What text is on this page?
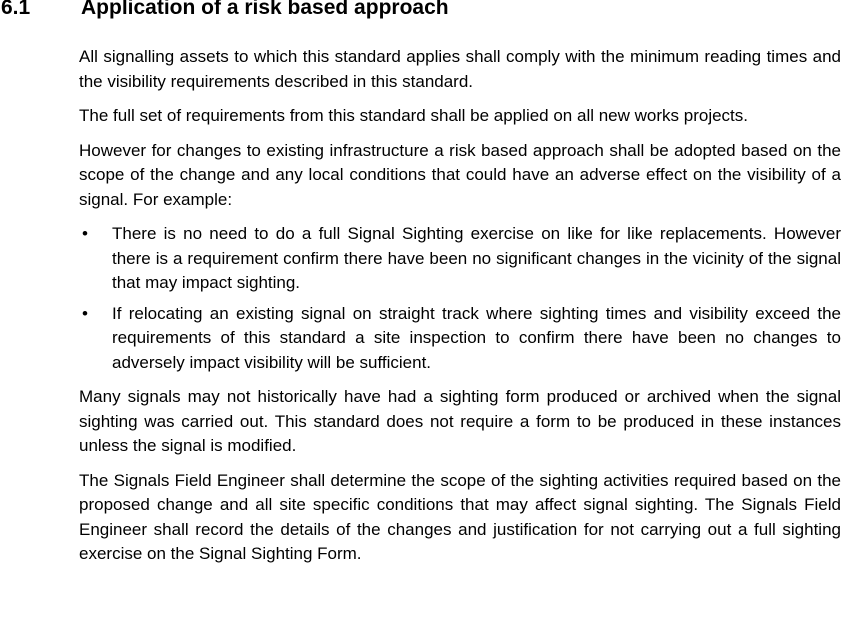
6.1 Application of a risk based approach

All signalling assets to which this standard applies shall comply with the minimum reading times and the visibility requirements described in this standard.

The full set of requirements from this standard shall be applied on all new works projects.

However for changes to existing infrastructure a risk based approach shall be adopted based on the scope of the change and any local conditions that could have an adverse effect on the visibility of a signal. For example:

• There is no need to do a full Signal Sighting exercise on like for like replacements. However there is a requirement confirm there have been no significant changes in the vicinity of the signal that may impact sighting.
• If relocating an existing signal on straight track where sighting times and visibility exceed the requirements of this standard a site inspection to confirm there have been no changes to adversely impact visibility will be sufficient.

Many signals may not historically have had a sighting form produced or archived when the signal sighting was carried out. This standard does not require a form to be produced in these instances unless the signal is modified.

The Signals Field Engineer shall determine the scope of the sighting activities required based on the proposed change and all site specific conditions that may affect signal sighting. The Signals Field Engineer shall record the details of the changes and justification for not carrying out a full sighting exercise on the Signal Sighting Form.
